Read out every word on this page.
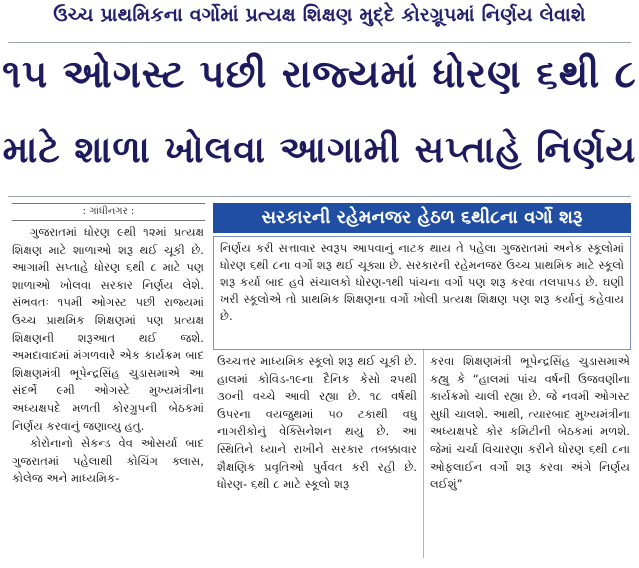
ઉચ્ચ પ્રાથમિકના વર્ગોમાં પ્રત્યક્ષ શિક્ષણ મુદ્દે કોરગ્રૂપમાં નિર્ણય લેવાશે
૧૫ ઓગસ્ટ પછી રાજ્યમાં ધોરણ ૬થી ૮
માટે શાળા ખોલવા આગામી સપ્તાહે નિર્ણય
: ગાંધીનગર :	સરકારની રહેમનજર હેઠળ ૬થી૮ના વર્ગો શરૂ
નિર્ણય કરી સત્તાવાર સ્વરૂપ આપવાનું નાટક થાય તે પહેલા ગુજરાતમાં અનેક સ્કૂલોમાં ધોરણ ૬થી ૮ના વર્ગો શરૂ થઈ ચૂક્યા છે. સરકારની રહેમનજર ઉચ્ચ પ્રાથમિક માટે સ્કૂલો શરૂ કર્યા બાદ હવે સંચાલકો ધોરણ-૧થી પાંચના વર્ગો પણ શરૂ કરવા તલપાપડ છે. ઘણી ખરી સ્કૂલોએ તો પ્રાથમિક શિક્ષણના વર્ગો ખોલી પ્રત્યક્ષ શિક્ષણ પણ શરૂ કર્યાનું કહેવાય છે.

ગુજરાતમાં ધોરણ ૯થી ૧૨માં પ્રત્યક્ષ શિક્ષણ માટે શાળાઓ શરૂ થઈ ચૂકી છે. આગામી સપ્તાહે ધોરણ ૬થી ૮ માટે પણ શાળાઓ ખોલવા સરકાર નિર્ણય લેશે. સંભવતઃ ૧૫મી ઓગસ્ટ પછી રાજ્યમાં ઉચ્ચ પ્રાથમિક શિક્ષણમાં પણ પ્રત્યક્ષ શિક્ષણની શરૂઆત થઈ જશે. અમદાવાદમાં મંગળવારે એક કાર્યક્રમ બાદ શિક્ષણમંત્રી ભૂપેન્દ્રસિંહ ચુડાસમાએ આ સંદર્ભે ૯મી ઓગસ્ટે મુખ્યમંત્રીના અધ્યક્ષપદે મળતી કોરગ્રુપની બેઠકમાં નિર્ણય કરવાનું જણાવ્યુ હતુ.

કોરોનાનો સેકન્ડ વેવ ઓસર્યા બાદ ગુજરાતમાં પહેલાથી કોચિંગ ક્લાસ, કોલેજ અને માધ્યમિક-

ઉચ્ચત્તર માધ્યમિક સ્કૂલો શરૂ થઈ ચૂકી છે. હાલમાં કોવિડ-૧૯ના દૈનિક કેસો ૨૫થી ૩૦ની વચ્ચે આવી રહ્યા છે. ૧૮ વર્ષથી ઉપરના વયજુથમાં ૫૦ ટકાથી વધુ નાગરીકોનું વેક્સિનેશન થયુ છે. આ સ્થિતિને ધ્યાને રાખીને સરકાર તબક્કાવાર શૈક્ષણિક પ્રવૃતિઓ પુર્વવત કરી રહી છે. ધોરણ- ૬થી ૮ માટે સ્કૂલો શરૂ

કરવા શિક્ષણમંત્રી ભૂપેન્દ્રસિંહ ચુડાસમાએ કહ્યુ કે “હાલમાં પાંચ વર્ષની ઉજવણીના કાર્યક્રમો ચાલી રહ્યા છે. જે નવમી ઓગસ્ટ સુધી ચાલશે. આથી, ત્યારબાદ મુખ્યમંત્રીના અધ્યક્ષપદે કોર કમિટીની બેઠકમાં મળશે. જેમાં ચર્ચા વિચારણા કરીને ધોરણ ૬થી ૮ના ઓફલાઈન વર્ગો શરૂ કરવા અંગે નિર્ણય લઈશું”
